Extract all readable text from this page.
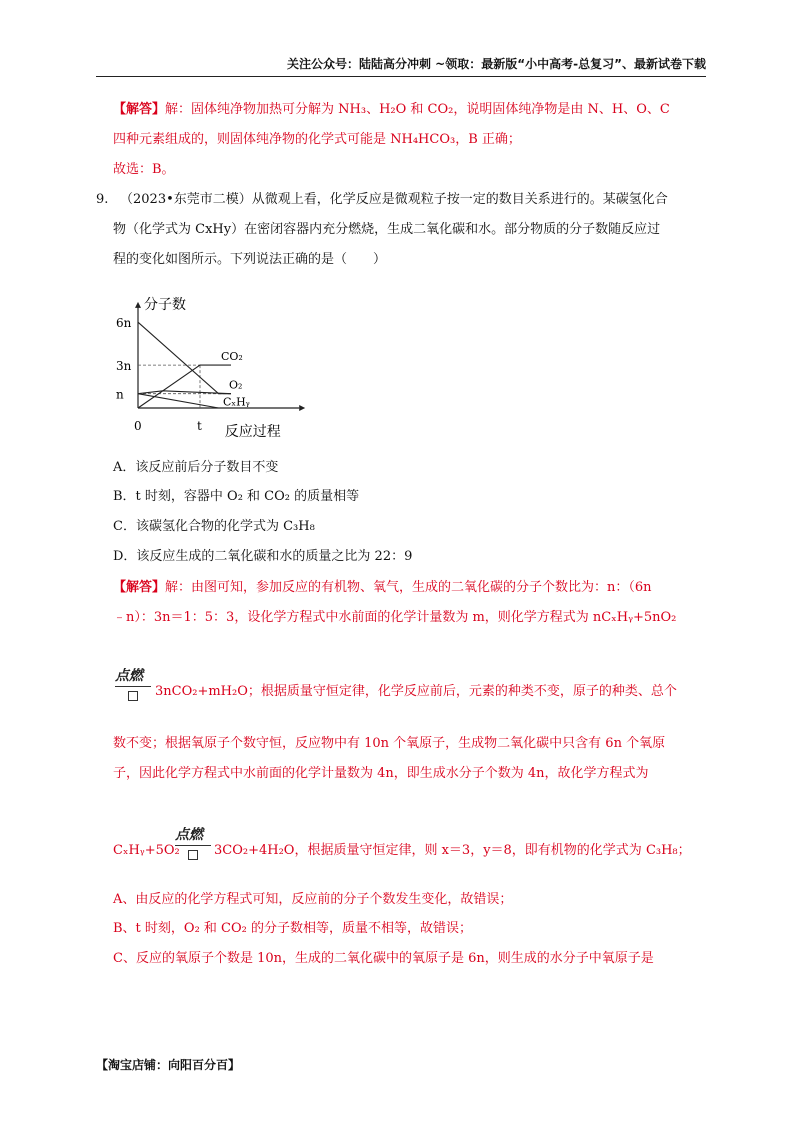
关注公众号：陆陆高分冲刺 ~领取：最新版“小中高考-总复习”、最新试卷下载
【解答】解：固体纯净物加热可分解为 NH₃、H₂O 和 CO₂，说明固体纯净物是由 N、H、O、C
四种元素组成的，则固体纯净物的化学式可能是 NH₄HCO₃，B 正确；
故选：B。
9. （2023•东莞市二模）从微观上看，化学反应是微观粒子按一定的数目关系进行的。某碳氢化合
物（化学式为 CxHy）在密闭容器内充分燃烧，生成二氧化碳和水。部分物质的分子数随反应过
程的变化如图所示。下列说法正确的是（　　）
分子数
反应过程
n
3n
6n
0	t
CO₂
O₂
CₓHᵧ
A．该反应前后分子数目不变
B．t 时刻，容器中 O₂ 和 CO₂ 的质量相等
C．该碳氢化合物的化学式为 C₃H₈
D．该反应生成的二氧化碳和水的质量之比为 22：9
【解答】解：由图可知，参加反应的有机物、氧气，生成的二氧化碳的分子个数比为：n：（6n
﹣n）：3n＝1：5：3，设化学方程式中水前面的化学计量数为 m，则化学方程式为 nCₓHᵧ+5nO₂
点燃
3nCO₂+mH₂O；根据质量守恒定律，化学反应前后，元素的种类不变，原子的种类、总个
数不变；根据氧原子个数守恒，反应物中有 10n 个氧原子，生成物二氧化碳中只含有 6n 个氧原
子，因此化学方程式中水前面的化学计量数为 4n，即生成水分子个数为 4n，故化学方程式为
CₓHᵧ+5O₂
点燃
3CO₂+4H₂O，根据质量守恒定律，则 x＝3，y＝8，即有机物的化学式为 C₃H₈；
A、由反应的化学方程式可知，反应前的分子个数发生变化，故错误；
B、t 时刻，O₂ 和 CO₂ 的分子数相等，质量不相等，故错误；
C、反应的氧原子个数是 10n，生成的二氧化碳中的氧原子是 6n，则生成的水分子中氧原子是
【淘宝店铺：向阳百分百】
